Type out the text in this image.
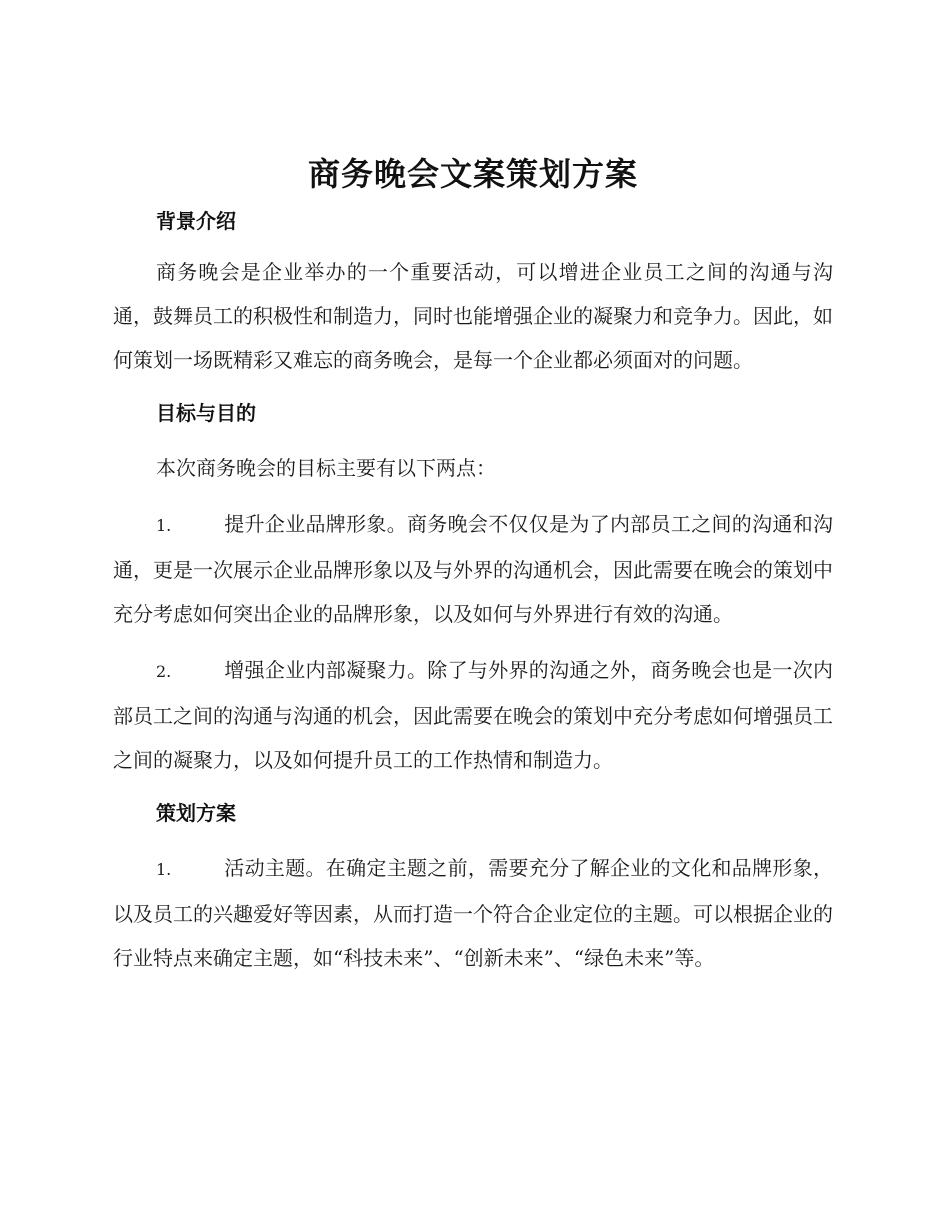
商务晚会文案策划方案
背景介绍

商务晚会是企业举办的一个重要活动，可以增进企业员工之间的沟通与沟通，鼓舞员工的积极性和制造力，同时也能增强企业的凝聚力和竞争力。因此，如何策划一场既精彩又难忘的商务晚会，是每一个企业都必须面对的问题。

目标与目的

本次商务晚会的目标主要有以下两点：

1.	提升企业品牌形象。商务晚会不仅仅是为了内部员工之间的沟通和沟通，更是一次展示企业品牌形象以及与外界的沟通机会，因此需要在晚会的策划中充分考虑如何突出企业的品牌形象，以及如何与外界进行有效的沟通。

2.	增强企业内部凝聚力。除了与外界的沟通之外，商务晚会也是一次内部员工之间的沟通与沟通的机会，因此需要在晚会的策划中充分考虑如何增强员工之间的凝聚力，以及如何提升员工的工作热情和制造力。

策划方案

1.	活动主题。在确定主题之前，需要充分了解企业的文化和品牌形象，以及员工的兴趣爱好等因素，从而打造一个符合企业定位的主题。可以根据企业的行业特点来确定主题，如“科技未来”、“创新未来”、“绿色未来”等。
